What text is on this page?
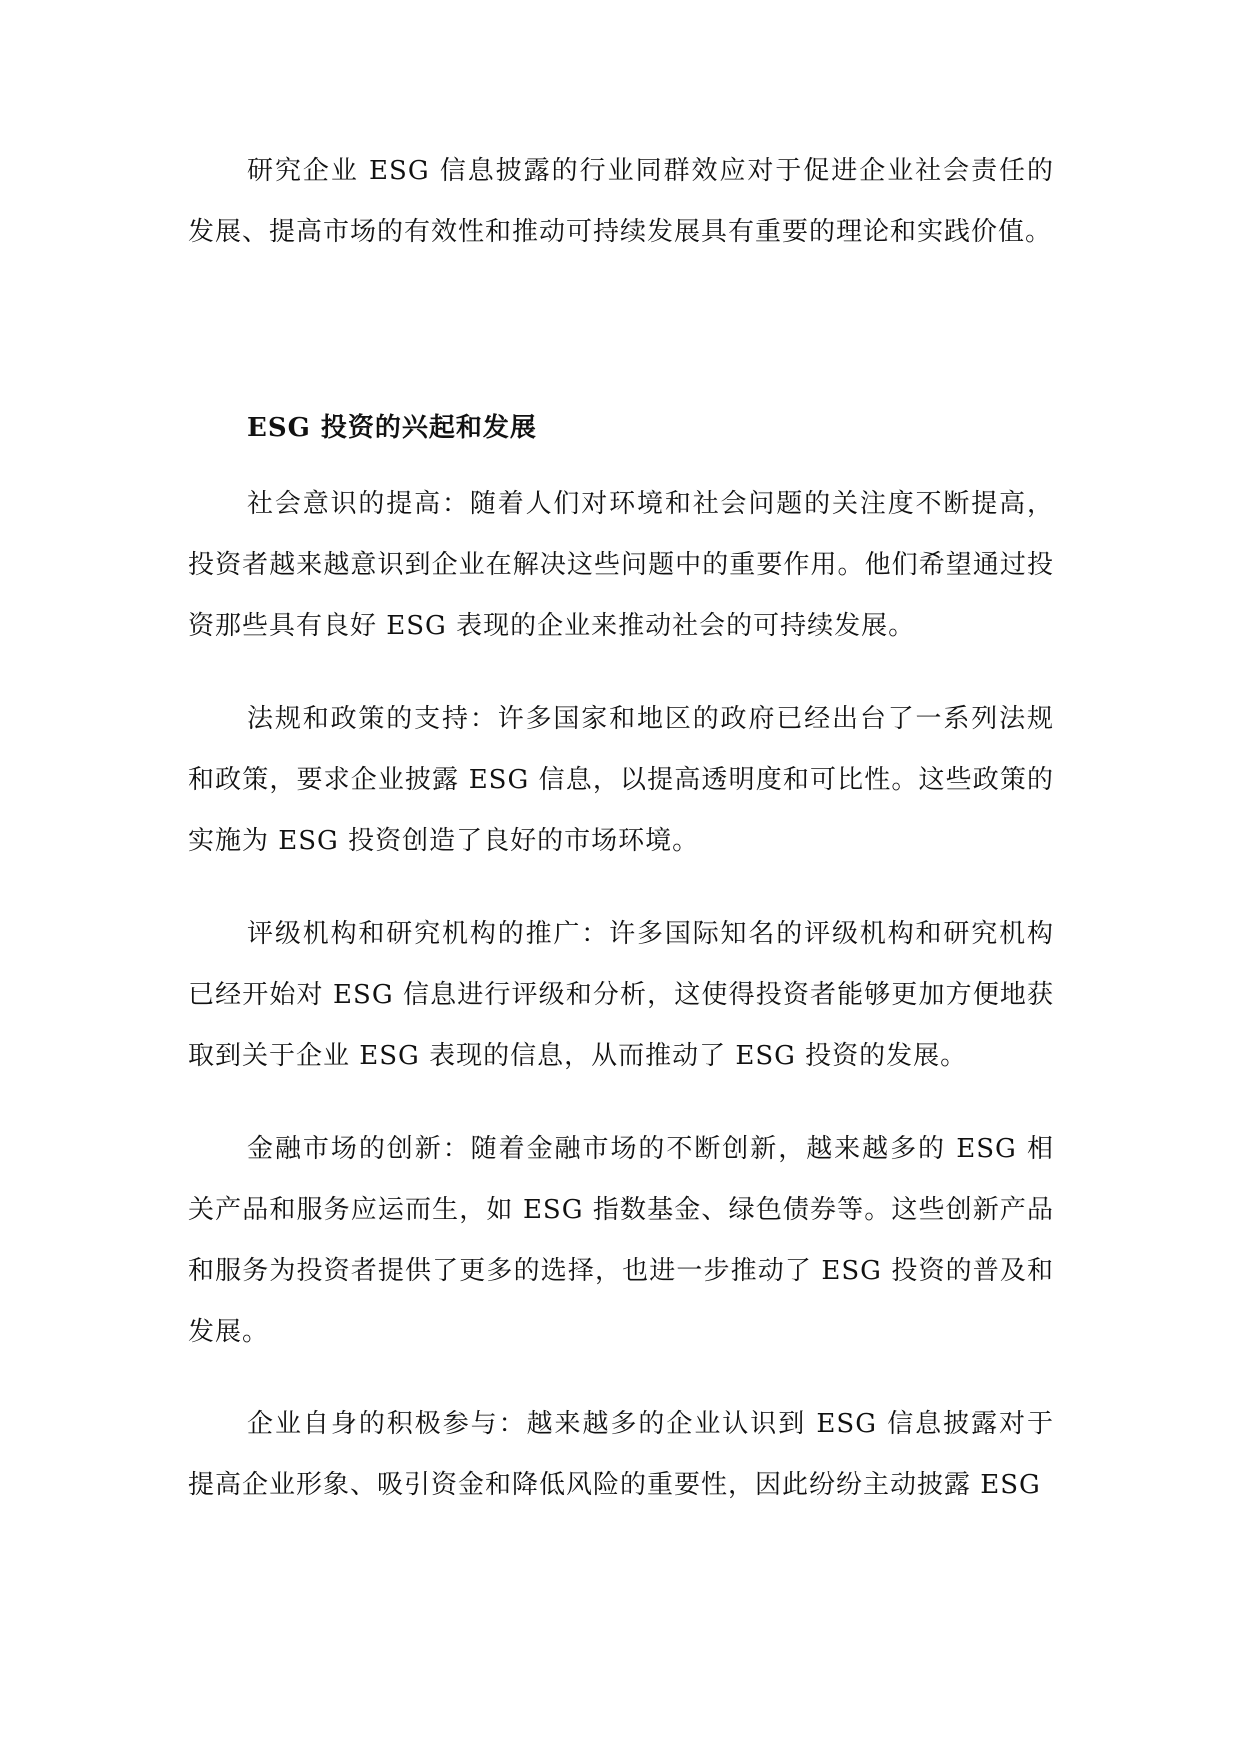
研究企业 ESG 信息披露的行业同群效应对于促进企业社会责任的发展、提高市场的有效性和推动可持续发展具有重要的理论和实践价值。

ESG 投资的兴起和发展

社会意识的提高：随着人们对环境和社会问题的关注度不断提高，投资者越来越意识到企业在解决这些问题中的重要作用。他们希望通过投资那些具有良好 ESG 表现的企业来推动社会的可持续发展。

法规和政策的支持：许多国家和地区的政府已经出台了一系列法规和政策，要求企业披露 ESG 信息，以提高透明度和可比性。这些政策的实施为 ESG 投资创造了良好的市场环境。

评级机构和研究机构的推广：许多国际知名的评级机构和研究机构已经开始对 ESG 信息进行评级和分析，这使得投资者能够更加方便地获取到关于企业 ESG 表现的信息，从而推动了 ESG 投资的发展。

金融市场的创新：随着金融市场的不断创新，越来越多的 ESG 相关产品和服务应运而生，如 ESG 指数基金、绿色债券等。这些创新产品和服务为投资者提供了更多的选择，也进一步推动了 ESG 投资的普及和发展。

企业自身的积极参与：越来越多的企业认识到 ESG 信息披露对于提高企业形象、吸引资金和降低风险的重要性，因此纷纷主动披露 ESG
